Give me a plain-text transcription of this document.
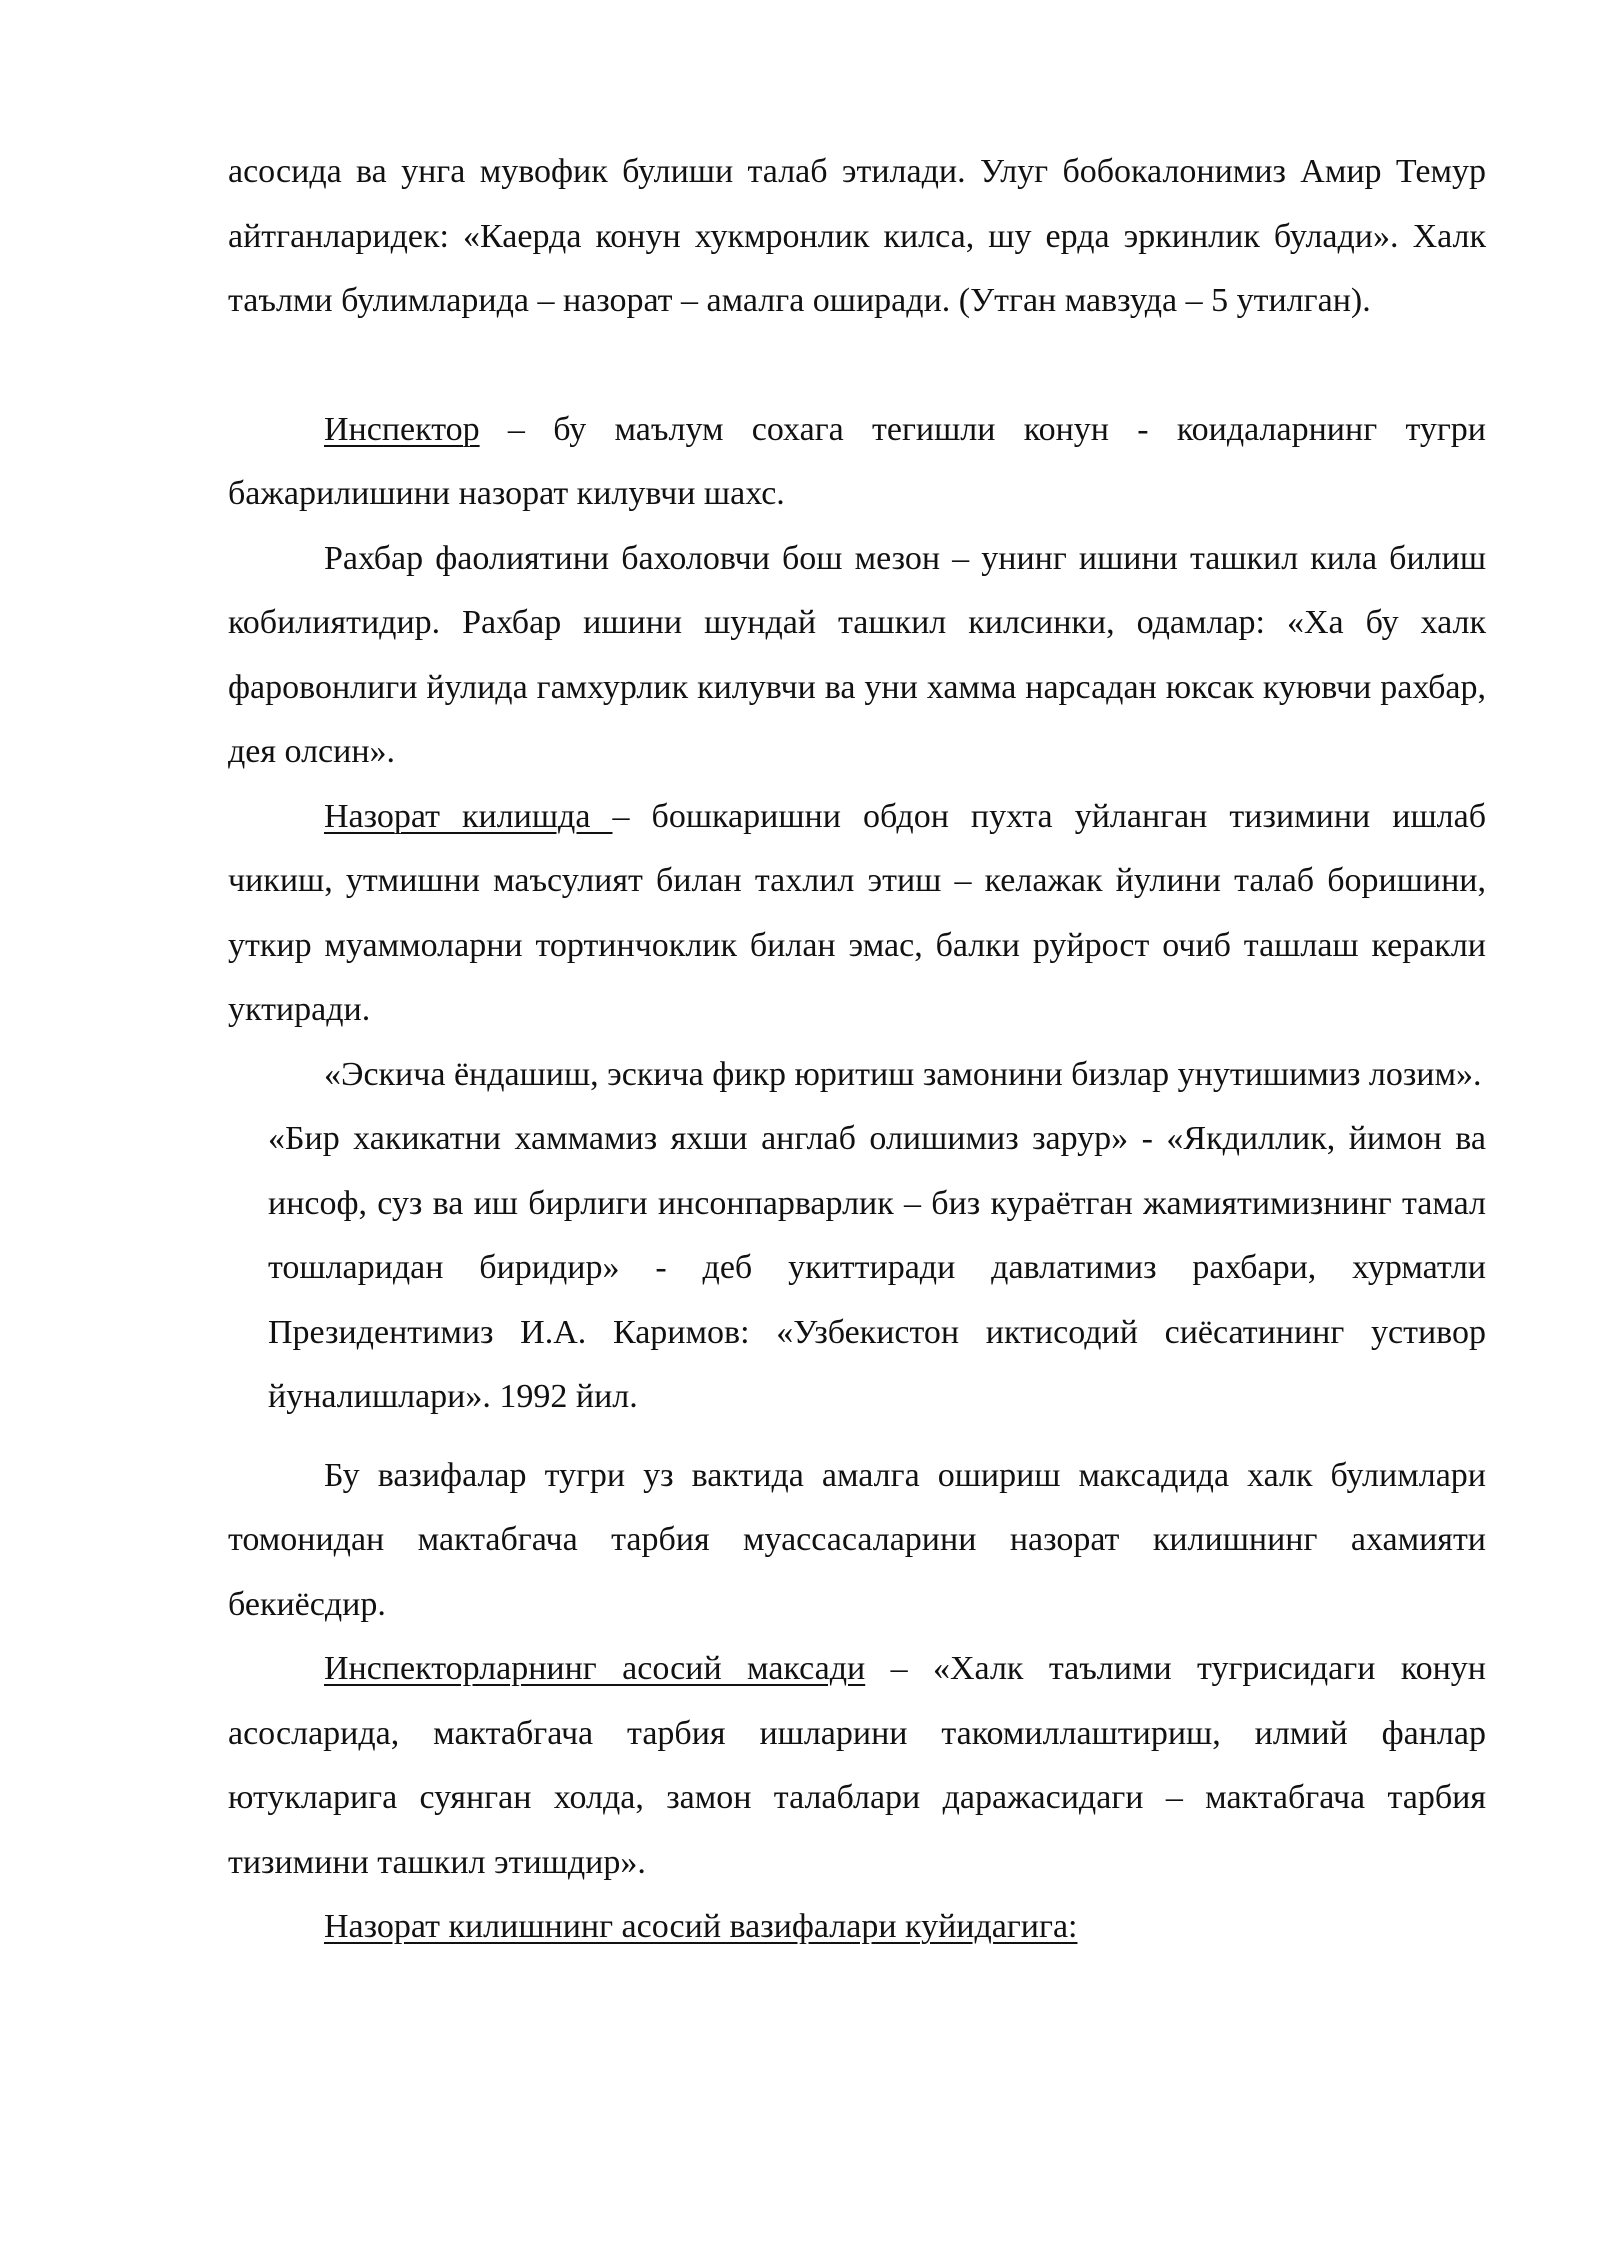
асосида ва унга мувофик булиши талаб этилади. Улуг бобокалонимиз Амир Темур айтганларидек: «Каерда конун хукмронлик килса, шу ерда эркинлик булади». Халк таълми булимларида – назорат – амалга оширади. (Утган мавзуда – 5 утилган).

Инспектор – бу маълум сохага тегишли конун - коидаларнинг тугри бажарилишини назорат килувчи шахс.

Рахбар фаолиятини бахоловчи бош мезон – унинг ишини ташкил кила билиш кобилиятидир. Рахбар ишини шундай ташкил килсинки, одамлар: «Ха бу халк фаровонлиги йулида гамхурлик килувчи ва уни хамма нарсадан юксак куювчи рахбар, дея олсин».

Назорат килишда – бошкаришни обдон пухта уйланган тизимини ишлаб чикиш, утмишни маъсулият билан тахлил этиш – келажак йулини талаб боришини, уткир муаммоларни тортинчоклик билан эмас, балки руйрост очиб ташлаш керакли уктиради.

«Эскича ёндашиш, эскича фикр юритиш замонини бизлар унутишимиз лозим».

«Бир хакикатни хаммамиз яхши англаб олишимиз зарур» - «Якдиллик, йимон ва инсоф, суз ва иш бирлиги инсонпарварлик – биз кураётган жамиятимизнинг тамал тошларидан биридир» - деб укиттиради давлатимиз рахбари, хурматли Президентимиз И.А. Каримов: «Узбекистон иктисодий сиёсатининг устивор йуналишлари». 1992 йил.

Бу вазифалар тугри уз вактида амалга ошириш максадида халк булимлари томонидан мактабгача тарбия муассасаларини назорат килишнинг ахамияти бекиёсдир.

Инспекторларнинг асосий максади – «Халк таълими тугрисидаги конун асосларида, мактабгача тарбия ишларини такомиллаштириш, илмий фанлар ютукларига суянган холда, замон талаблари даражасидаги – мактабгача тарбия тизимини ташкил этишдир».

Назорат килишнинг асосий вазифалари куйидагига:
